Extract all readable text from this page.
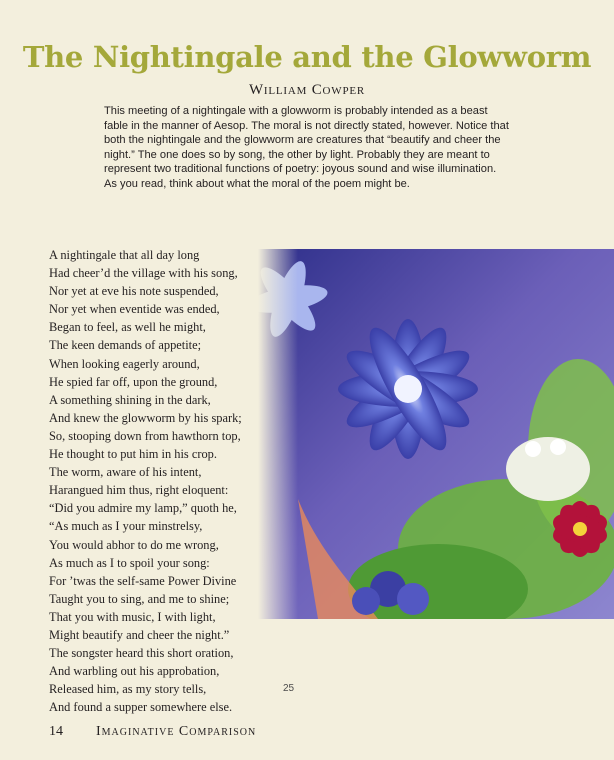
The Nightingale and the Glowworm
William Cowper
This meeting of a nightingale with a glowworm is probably intended as a beast fable in the manner of Aesop. The moral is not directly stated, however. Notice that both the nightingale and the glowworm are creatures that “beautify and cheer the night.” The one does so by song, the other by light. Probably they are meant to represent two traditional functions of poetry: joyous sound and wise illumination. As you read, think about what the moral of the poem might be.
A nightingale that all day long
Had cheer’d the village with his song,
Nor yet at eve his note suspended,
Nor yet when eventide was ended,
Began to feel, as well he might,
The keen demands of appetite;
When looking eagerly around,
He spied far off, upon the ground,
A something shining in the dark,
And knew the glowworm by his spark;
So, stooping down from hawthorn top,
He thought to put him in his crop.
The worm, aware of his intent,
Harangued him thus, right eloquent:
“Did you admire my lamp,” quoth he,
“As much as I your minstrelsy,
You would abhor to do me wrong,
As much as I to spoil your song:
For ’twas the self-same Power Divine
Taught you to sing, and me to shine;
That you with music, I with light,
Might beautify and cheer the night.”
The songster heard this short oration,
And warbling out his approbation,
Released him, as my story tells,
And found a supper somewhere else.
25
14 Imaginative Comparison
